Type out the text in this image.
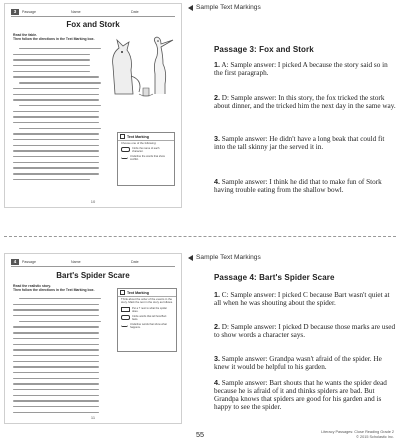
3	Passage	Name	Date
Fox and Stork
Read the fable.
Then follow the directions in the Text Marking box.
Text Marking
Choose one of the following:
Circle the name of each character.
Underline the words that show conflict.
10
4	Passage	Name	Date
Bart's Spider Scare
Read the realistic story.
Then follow the directions in the Text Marking box.
Text Marking
Think about the order of the events in the story. Mark the text in the story as follows.
Put a ? next to what the spider does.
Circle words that tell how Bart feels.
Underline words that show what happens.
11
Sample Text Markings
Passage 3: Fox and Stork
1. A: Sample answer: I picked A because the story said so in the first paragraph.
2. D: Sample answer: In this story, the fox tricked the stork about dinner, and the tricked him the next day in the same way.
3. Sample answer: He didn't have a long beak that could fit into the tall skinny jar the served it in.
4. Sample answer: I think he did that to make fun of Stork having trouble eating from the shallow bowl.
Sample Text Markings
Passage 4: Bart's Spider Scare
1. C: Sample answer: I picked C because Bart wasn't quiet at all when he was shouting about the spider.
2. D: Sample answer: I picked D because those marks are used to show words a character says.
3. Sample answer: Grandpa wasn't afraid of the spider. He knew it would be helpful to his garden.
4. Sample answer: Bart shouts that he wants the spider dead because he is afraid of it and thinks spiders are bad. But Grandpa knows that spiders are good for his garden and is happy to see the spider.
55	Literacy Passages: Close Reading Grade 2
© 2015 Scholastic Inc.
